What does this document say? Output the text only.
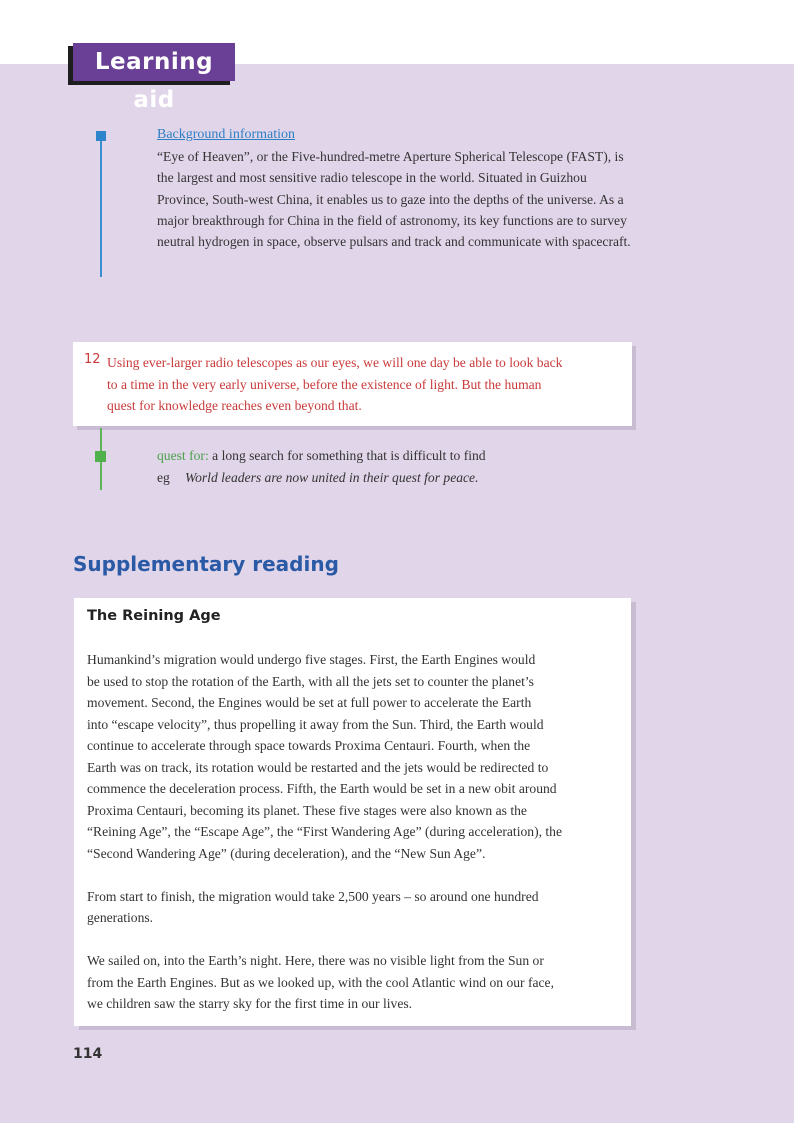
Learning aid
Background information

“Eye of Heaven”, or the Five-hundred-metre Aperture Spherical Telescope (FAST), is the largest and most sensitive radio telescope in the world. Situated in Guizhou Province, South-west China, it enables us to gaze into the depths of the universe. As a major breakthrough for China in the field of astronomy, its key functions are to survey neutral hydrogen in space, observe pulsars and track and communicate with spacecraft.

12 Using ever-larger radio telescopes as our eyes, we will one day be able to look back
to a time in the very early universe, before the existence of light. But the human
quest for knowledge reaches even beyond that.

quest for: a long search for something that is difficult to find
eg World leaders are now united in their quest for peace.
Supplementary reading
The Reining Age

Humankind’s migration would undergo five stages. First, the Earth Engines would
be used to stop the rotation of the Earth, with all the jets set to counter the planet’s
movement. Second, the Engines would be set at full power to accelerate the Earth
into “escape velocity”, thus propelling it away from the Sun. Third, the Earth would
continue to accelerate through space towards Proxima Centauri. Fourth, when the
Earth was on track, its rotation would be restarted and the jets would be redirected to
commence the deceleration process. Fifth, the Earth would be set in a new obit around
Proxima Centauri, becoming its planet. These five stages were also known as the
“Reining Age”, the “Escape Age”, the “First Wandering Age” (during acceleration), the
“Second Wandering Age” (during deceleration), and the “New Sun Age”.

From start to finish, the migration would take 2,500 years – so around one hundred
generations.

We sailed on, into the Earth’s night. Here, there was no visible light from the Sun or
from the Earth Engines. But as we looked up, with the cool Atlantic wind on our face,
we children saw the starry sky for the first time in our lives.

114
